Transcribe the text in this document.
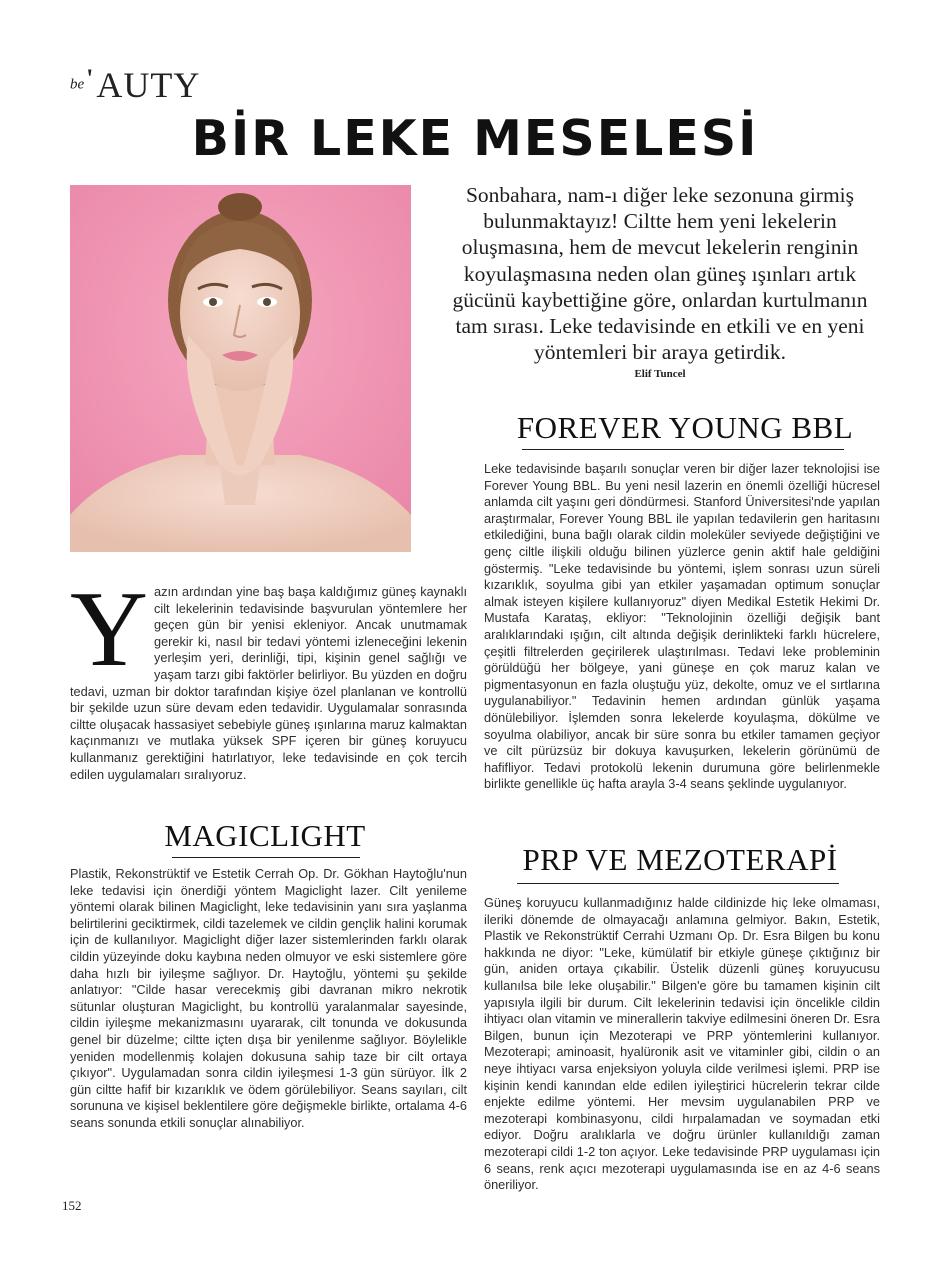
be'AUTY
BİR LEKE MESELESİ
Sonbahara, nam-ı diğer leke sezonuna girmiş bulunmaktayız! Ciltte hem yeni lekelerin oluşmasına, hem de mevcut lekelerin renginin koyulaşmasına neden olan güneş ışınları artık gücünü kaybettiğine göre, onlardan kurtulmanın tam sırası. Leke tedavisinde en etkili ve en yeni yöntemleri bir araya getirdik.
Elif Tuncel
Yazın ardından yine baş başa kaldığımız güneş kaynaklı cilt lekelerinin tedavisinde başvurulan yöntemlere her geçen gün bir yenisi ekleniyor. Ancak unutmamak gerekir ki, nasıl bir tedavi yöntemi izleneceğini lekenin yerleşim yeri, derinliği, tipi, kişinin genel sağlığı ve yaşam tarzı gibi faktörler belirliyor. Bu yüzden en doğru tedavi, uzman bir doktor tarafından kişiye özel planlanan ve kontrollü bir şekilde uzun süre devam eden tedavidir. Uygulamalar sonrasında ciltte oluşacak hassasiyet sebebiyle güneş ışınlarına maruz kalmaktan kaçınmanızı ve mutlaka yüksek SPF içeren bir güneş koruyucu kullanmanız gerektiğini hatırlatıyor, leke tedavisinde en çok tercih edilen uygulamaları sıralıyoruz.
MAGICLIGHT
Plastik, Rekonstrüktif ve Estetik Cerrah Op. Dr. Gökhan Haytoğlu'nun leke tedavisi için önerdiği yöntem Magiclight lazer. Cilt yenileme yöntemi olarak bilinen Magiclight, leke tedavisinin yanı sıra yaşlanma belirtilerini geciktirmek, cildi tazelemek ve cildin gençlik halini korumak için de kullanılıyor. Magiclight diğer lazer sistemlerinden farklı olarak cildin yüzeyinde doku kaybına neden olmuyor ve eski sistemlere göre daha hızlı bir iyileşme sağlıyor. Dr. Haytoğlu, yöntemi şu şekilde anlatıyor: "Cilde hasar verecekmiş gibi davranan mikro nekrotik sütunlar oluşturan Magiclight, bu kontrollü yaralanmalar sayesinde, cildin iyileşme mekanizmasını uyararak, cilt tonunda ve dokusunda genel bir düzelme; ciltte içten dışa bir yenilenme sağlıyor. Böylelikle yeniden modellenmiş kolajen dokusuna sahip taze bir cilt ortaya çıkıyor". Uygulamadan sonra cildin iyileşmesi 1-3 gün sürüyor. İlk 2 gün ciltte hafif bir kızarıklık ve ödem görülebiliyor. Seans sayıları, cilt sorununa ve kişisel beklentilere göre değişmekle birlikte, ortalama 4-6 seans sonunda etkili sonuçlar alınabiliyor.
FOREVER YOUNG BBL
Leke tedavisinde başarılı sonuçlar veren bir diğer lazer teknolojisi ise Forever Young BBL. Bu yeni nesil lazerin en önemli özelliği hücresel anlamda cilt yaşını geri döndürmesi. Stanford Üniversitesi'nde yapılan araştırmalar, Forever Young BBL ile yapılan tedavilerin gen haritasını etkilediğini, buna bağlı olarak cildin moleküler seviyede değiştiğini ve genç ciltle ilişkili olduğu bilinen yüzlerce genin aktif hale geldiğini göstermiş. "Leke tedavisinde bu yöntemi, işlem sonrası uzun süreli kızarıklık, soyulma gibi yan etkiler yaşamadan optimum sonuçlar almak isteyen kişilere kullanıyoruz" diyen Medikal Estetik Hekimi Dr. Mustafa Karataş, ekliyor: "Teknolojinin özelliği değişik bant aralıklarındaki ışığın, cilt altında değişik derinlikteki farklı hücrelere, çeşitli filtrelerden geçirilerek ulaştırılması. Tedavi leke probleminin görüldüğü her bölgeye, yani güneşe en çok maruz kalan ve pigmentasyonun en fazla oluştuğu yüz, dekolte, omuz ve el sırtlarına uygulanabiliyor." Tedavinin hemen ardından günlük yaşama dönülebiliyor. İşlemden sonra lekelerde koyulaşma, dökülme ve soyulma olabiliyor, ancak bir süre sonra bu etkiler tamamen geçiyor ve cilt pürüzsüz bir dokuya kavuşurken, lekelerin görünümü de hafifliyor. Tedavi protokolü lekenin durumuna göre belirlenmekle birlikte genellikle üç hafta arayla 3-4 seans şeklinde uygulanıyor.
PRP VE MEZOTERAPİ
Güneş koruyucu kullanmadığınız halde cildinizde hiç leke olmaması, ileriki dönemde de olmayacağı anlamına gelmiyor. Bakın, Estetik, Plastik ve Rekonstrüktif Cerrahi Uzmanı Op. Dr. Esra Bilgen bu konu hakkında ne diyor: "Leke, kümülatif bir etkiyle güneşe çıktığınız bir gün, aniden ortaya çıkabilir. Üstelik düzenli güneş koruyucusu kullanılsa bile leke oluşabilir." Bilgen'e göre bu tamamen kişinin cilt yapısıyla ilgili bir durum. Cilt lekelerinin tedavisi için öncelikle cildin ihtiyacı olan vitamin ve minerallerin takviye edilmesini öneren Dr. Esra Bilgen, bunun için Mezoterapi ve PRP yöntemlerini kullanıyor. Mezoterapi; aminoasit, hyalüronik asit ve vitaminler gibi, cildin o an neye ihtiyacı varsa enjeksiyon yoluyla cilde verilmesi işlemi. PRP ise kişinin kendi kanından elde edilen iyileştirici hücrelerin tekrar cilde enjekte edilme yöntemi. Her mevsim uygulanabilen PRP ve mezoterapi kombinasyonu, cildi hırpalamadan ve soymadan etki ediyor. Doğru aralıklarla ve doğru ürünler kullanıldığı zaman mezoterapi cildi 1-2 ton açıyor. Leke tedavisinde PRP uygulaması için 6 seans, renk açıcı mezoterapi uygulamasında ise en az 4-6 seans öneriliyor.
152
